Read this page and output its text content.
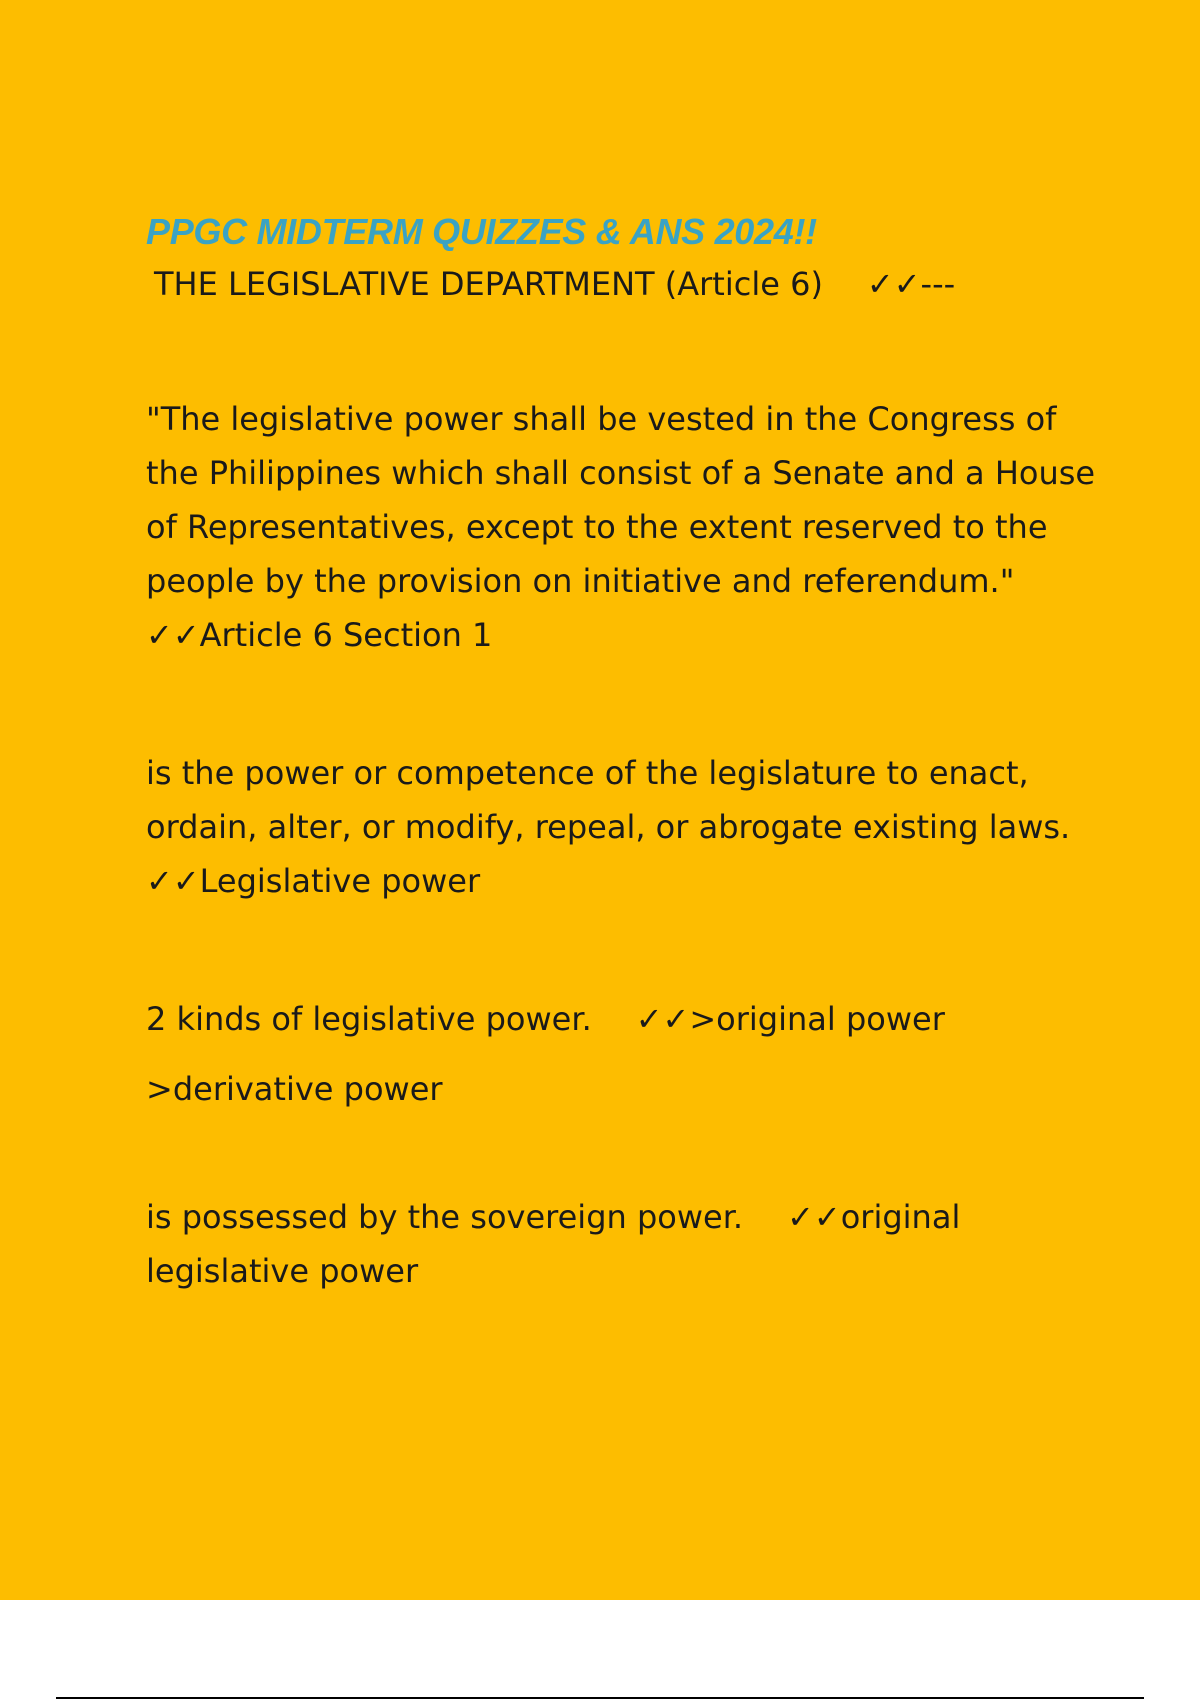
PPGC MIDTERM QUIZZES & ANS 2024!!
THE LEGISLATIVE DEPARTMENT (Article 6) ✓✓---

"The legislative power shall be vested in the Congress of the Philippines which shall consist of a Senate and a House of Representatives, except to the extent reserved to the people by the provision on initiative and referendum."✓✓Article 6 Section 1

is the power or competence of the legislature to enact, ordain, alter, or modify, repeal, or abrogate existing laws. ✓✓Legislative power

2 kinds of legislative power. ✓✓>original power
>derivative power

is possessed by the sovereign power. ✓✓original legislative power
